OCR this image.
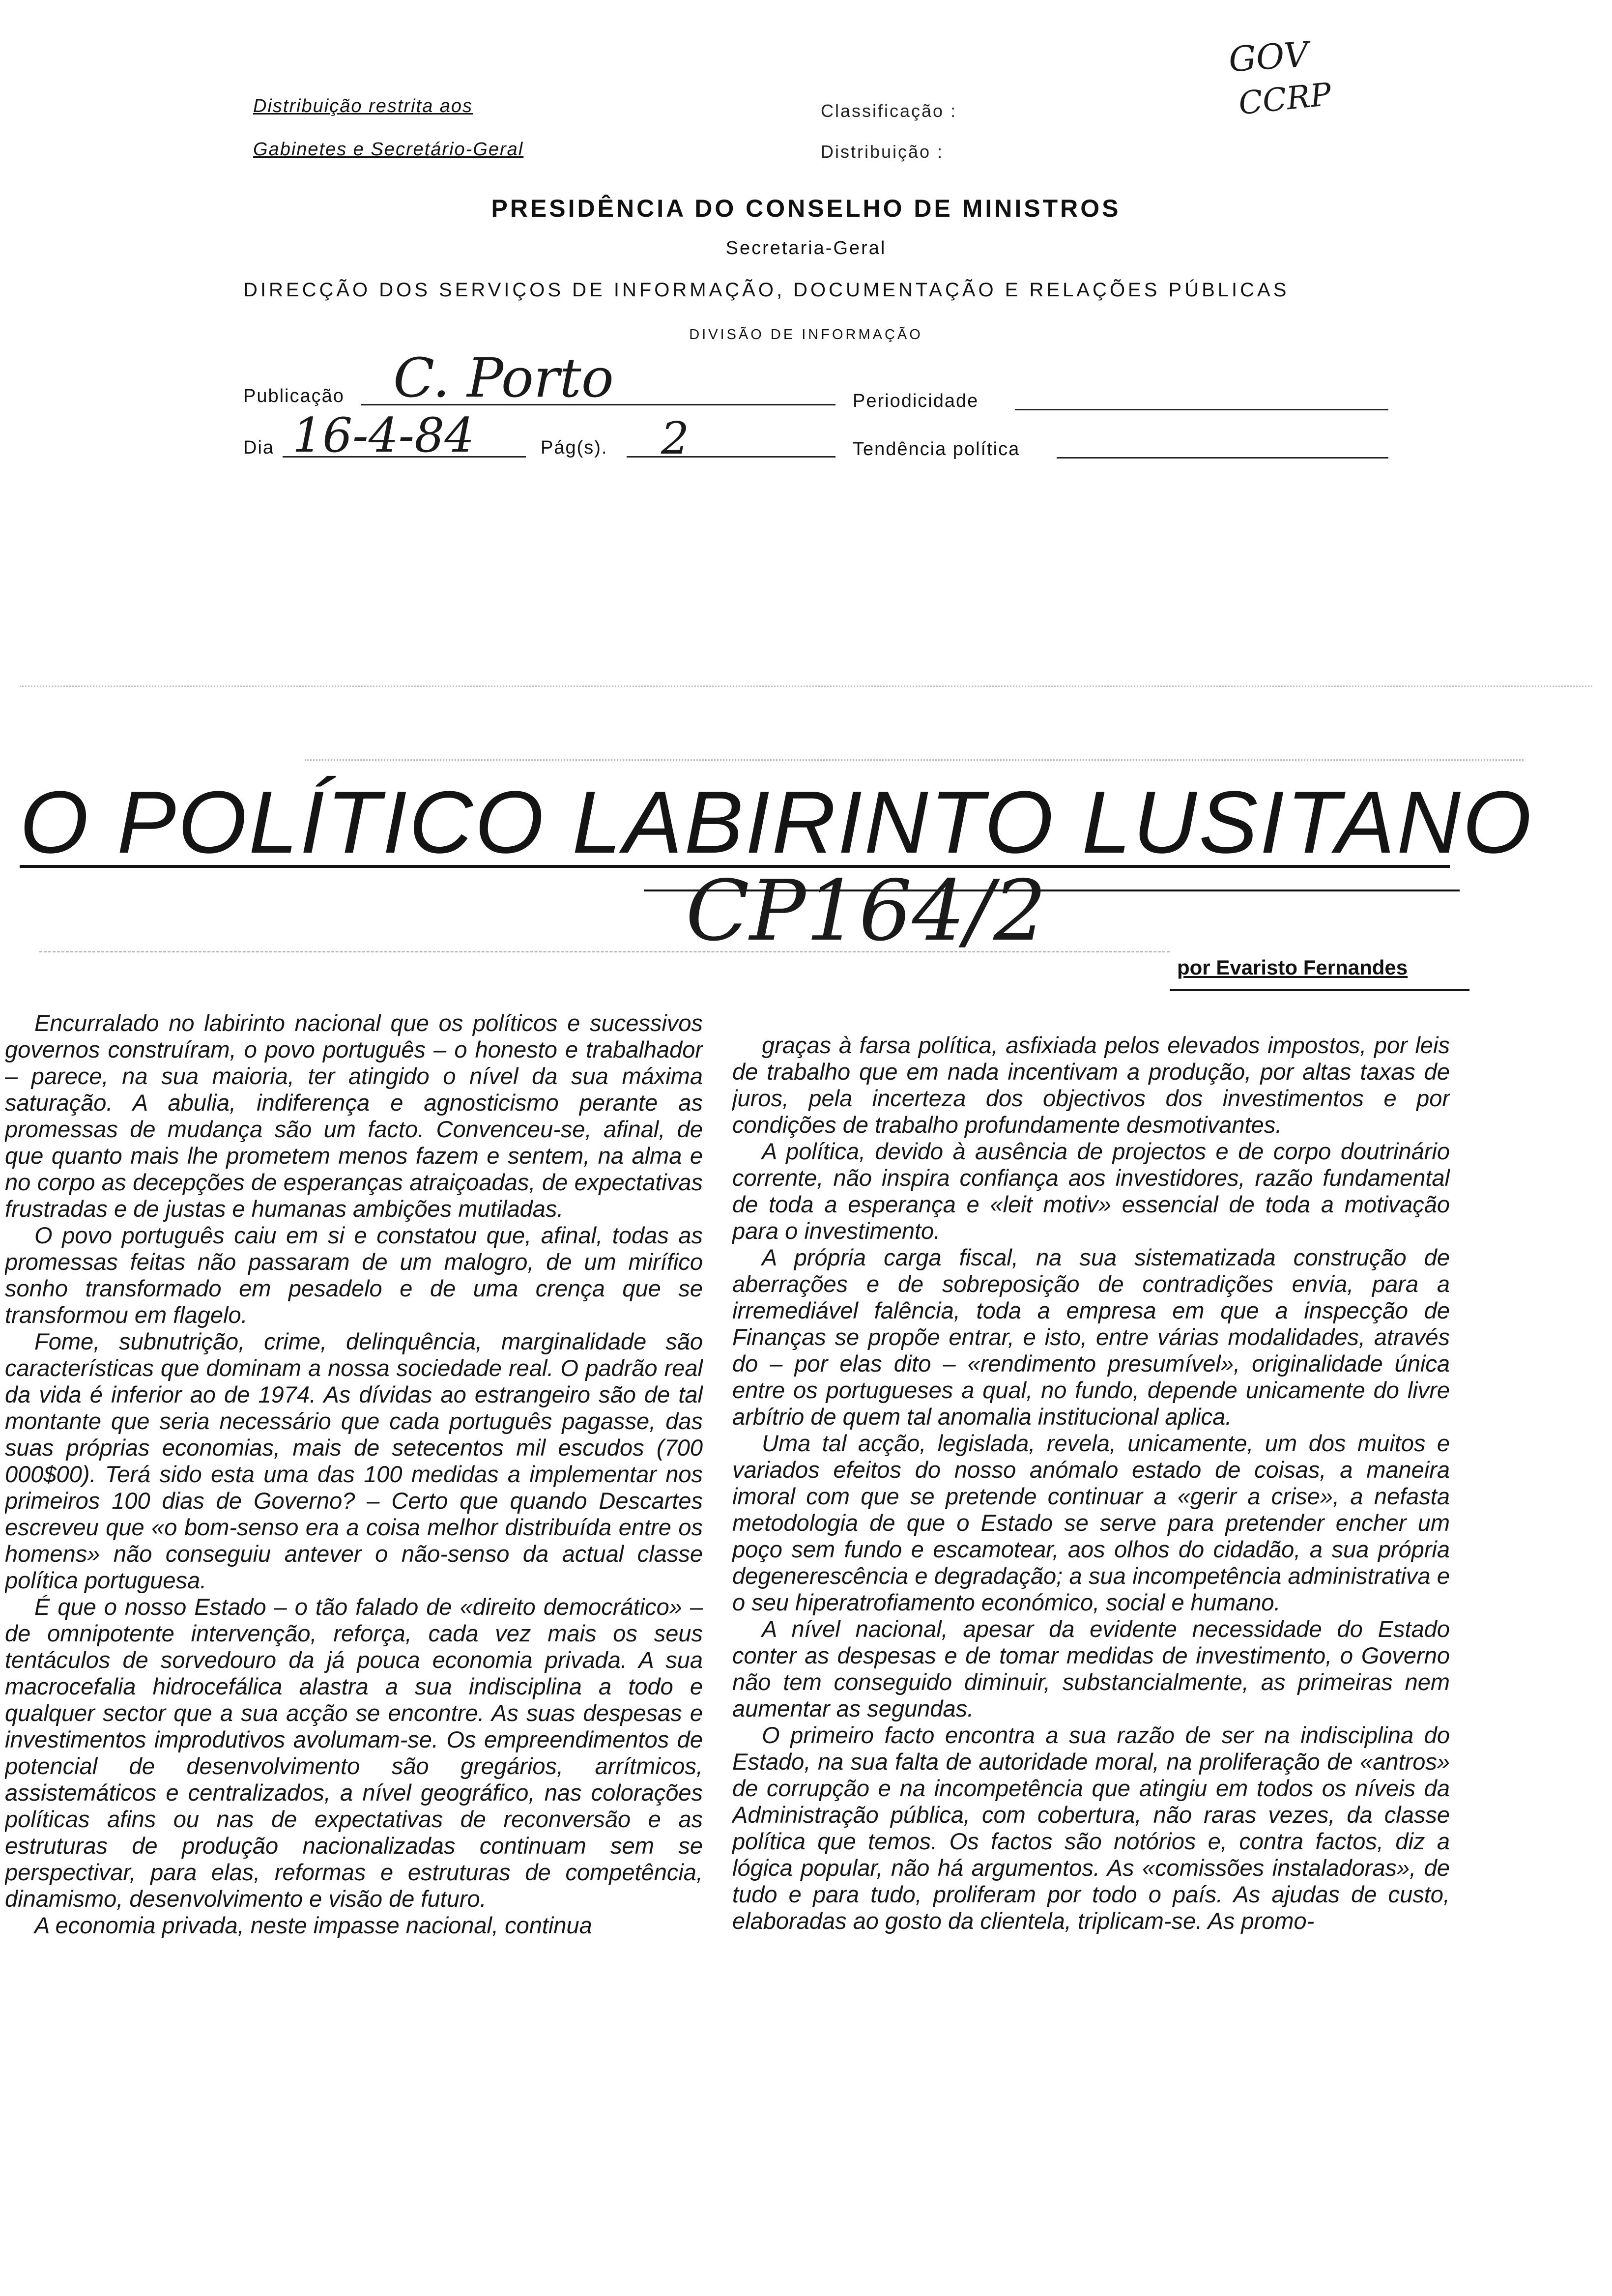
Distribuição restrita aos
Gabinetes e Secretário-Geral
Classificação :
Distribuição :
GOV
CCRP
PRESIDÊNCIA DO CONSELHO DE MINISTROS
Secretaria-Geral
DIRECÇÃO DOS SERVIÇOS DE INFORMAÇÃO, DOCUMENTAÇÃO E RELAÇÕES PÚBLICAS
DIVISÃO DE INFORMAÇÃO
Publicação C. Porto	Periodicidade
Dia 16-4-84	Pág(s). 2	Tendência política
O POLÍTICO LABIRINTO LUSITANO
CP164/2
por Evaristo Fernandes

Encurralado no labirinto nacional que os políticos e sucessivos governos construíram, o povo português – o honesto e trabalhador – parece, na sua maioria, ter atingido o nível da sua máxima saturação. A abulia, indiferença e agnosticismo perante as promessas de mudança são um facto. Convenceu-se, afinal, de que quanto mais lhe prometem menos fazem e sentem, na alma e no corpo as decepções de esperanças atraiçoadas, de expectativas frustradas e de justas e humanas ambições mutiladas.

O povo português caiu em si e constatou que, afinal, todas as promessas feitas não passaram de um malogro, de um mirífico sonho transformado em pesadelo e de uma crença que se transformou em flagelo.

Fome, subnutrição, crime, delinquência, marginalidade são características que dominam a nossa sociedade real. O padrão real da vida é inferior ao de 1974. As dívidas ao estrangeiro são de tal montante que seria necessário que cada português pagasse, das suas próprias economias, mais de setecentos mil escudos (700 000$00). Terá sido esta uma das 100 medidas a implementar nos primeiros 100 dias de Governo? – Certo que quando Descartes escreveu que «o bom-senso era a coisa melhor distribuída entre os homens» não conseguiu antever o não-senso da actual classe política portuguesa.

É que o nosso Estado – o tão falado de «direito democrático» – de omnipotente intervenção, reforça, cada vez mais os seus tentáculos de sorvedouro da já pouca economia privada. A sua macrocefalia hidrocefálica alastra a sua indisciplina a todo e qualquer sector que a sua acção se encontre. As suas despesas e investimentos improdutivos avolumam-se. Os empreendimentos de potencial de desenvolvimento são gregários, arrítmicos, assistemáticos e centralizados, a nível geográfico, nas colorações políticas afins ou nas de expectativas de reconversão e as estruturas de produção nacionalizadas continuam sem se perspectivar, para elas, reformas e estruturas de competência, dinamismo, desenvolvimento e visão de futuro.

A economia privada, neste impasse nacional, continua

graças à farsa política, asfixiada pelos elevados impostos, por leis de trabalho que em nada incentivam a produção, por altas taxas de juros, pela incerteza dos objectivos dos investimentos e por condições de trabalho profundamente desmotivantes.

A política, devido à ausência de projectos e de corpo doutrinário corrente, não inspira confiança aos investidores, razão fundamental de toda a esperança e «leit motiv» essencial de toda a motivação para o investimento.

A própria carga fiscal, na sua sistematizada construção de aberrações e de sobreposição de contradições envia, para a irremediável falência, toda a empresa em que a inspecção de Finanças se propõe entrar, e isto, entre várias modalidades, através do – por elas dito – «rendimento presumível», originalidade única entre os portugueses a qual, no fundo, depende unicamente do livre arbítrio de quem tal anomalia institucional aplica.

Uma tal acção, legislada, revela, unicamente, um dos muitos e variados efeitos do nosso anómalo estado de coisas, a maneira imoral com que se pretende continuar a «gerir a crise», a nefasta metodologia de que o Estado se serve para pretender encher um poço sem fundo e escamotear, aos olhos do cidadão, a sua própria degenerescência e degradação; a sua incompetência administrativa e o seu hiperatrofiamento económico, social e humano.

A nível nacional, apesar da evidente necessidade do Estado conter as despesas e de tomar medidas de investimento, o Governo não tem conseguido diminuir, substancialmente, as primeiras nem aumentar as segundas.

O primeiro facto encontra a sua razão de ser na indisciplina do Estado, na sua falta de autoridade moral, na proliferação de «antros» de corrupção e na incompetência que atingiu em todos os níveis da Administração pública, com cobertura, não raras vezes, da classe política que temos. Os factos são notórios e, contra factos, diz a lógica popular, não há argumentos. As «comissões instaladoras», de tudo e para tudo, proliferam por todo o país. As ajudas de custo, elaboradas ao gosto da clientela, triplicam-se. As promo-
